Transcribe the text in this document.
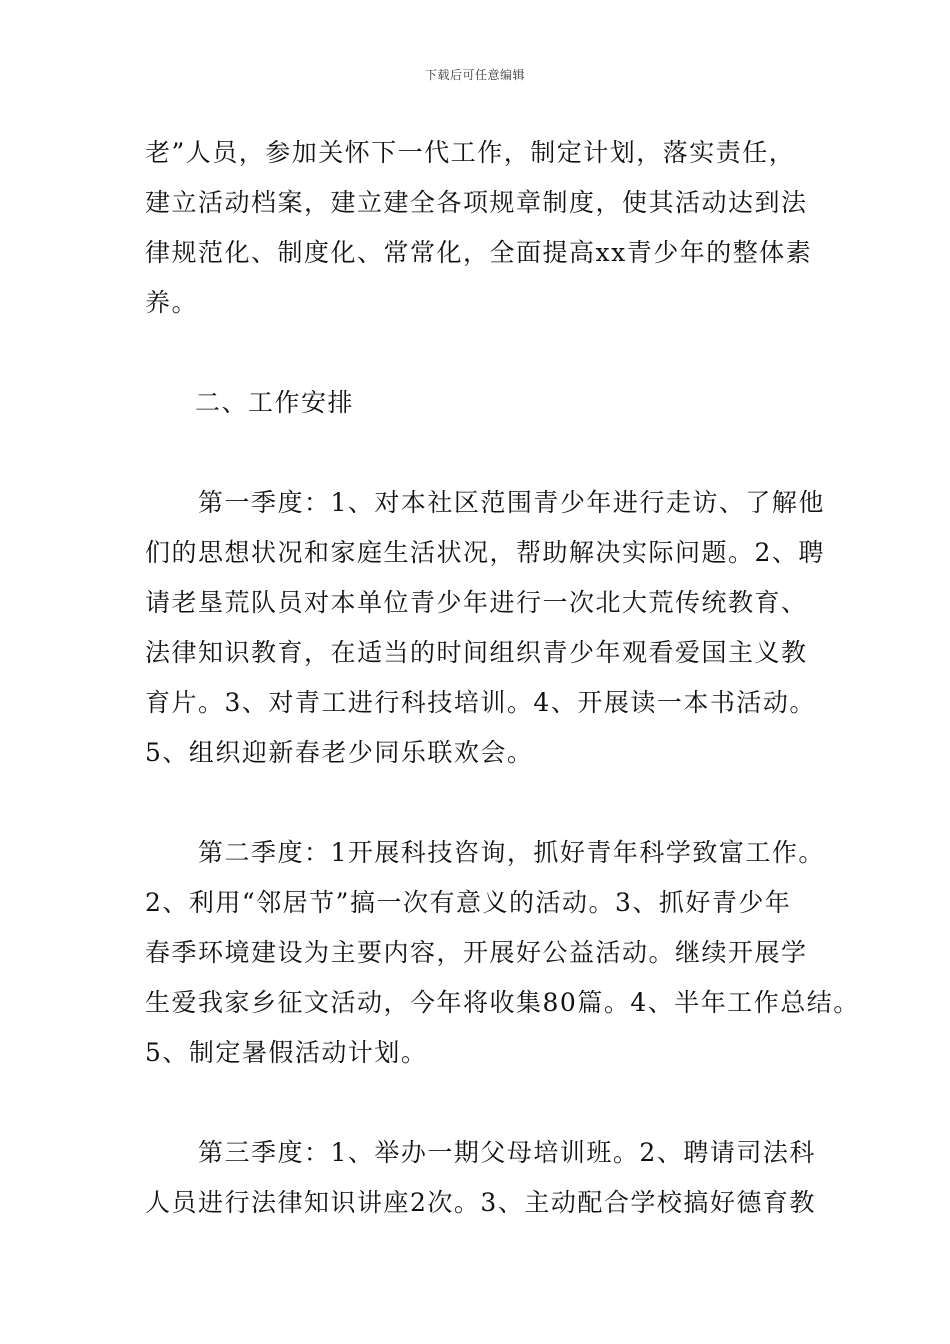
下载后可任意编辑

老”人员，参加关怀下一代工作，制定计划，落实责任，
建立活动档案，建立建全各项规章制度，使其活动达到法
律规范化、制度化、常常化，全面提高xx青少年的整体素
养。

二、工作安排

　　第一季度：1、对本社区范围青少年进行走访、了解他
们的思想状况和家庭生活状况，帮助解决实际问题。2、聘
请老垦荒队员对本单位青少年进行一次北大荒传统教育、
法律知识教育，在适当的时间组织青少年观看爱国主义教
育片。3、对青工进行科技培训。4、开展读一本书活动。
5、组织迎新春老少同乐联欢会。

　　第二季度：1开展科技咨询，抓好青年科学致富工作。
2、利用“邻居节”搞一次有意义的活动。3、抓好青少年
春季环境建设为主要内容，开展好公益活动。继续开展学
生爱我家乡征文活动，今年将收集80篇。4、半年工作总结。
5、制定暑假活动计划。

　　第三季度：1、举办一期父母培训班。2、聘请司法科
人员进行法律知识讲座2次。3、主动配合学校搞好德育教
